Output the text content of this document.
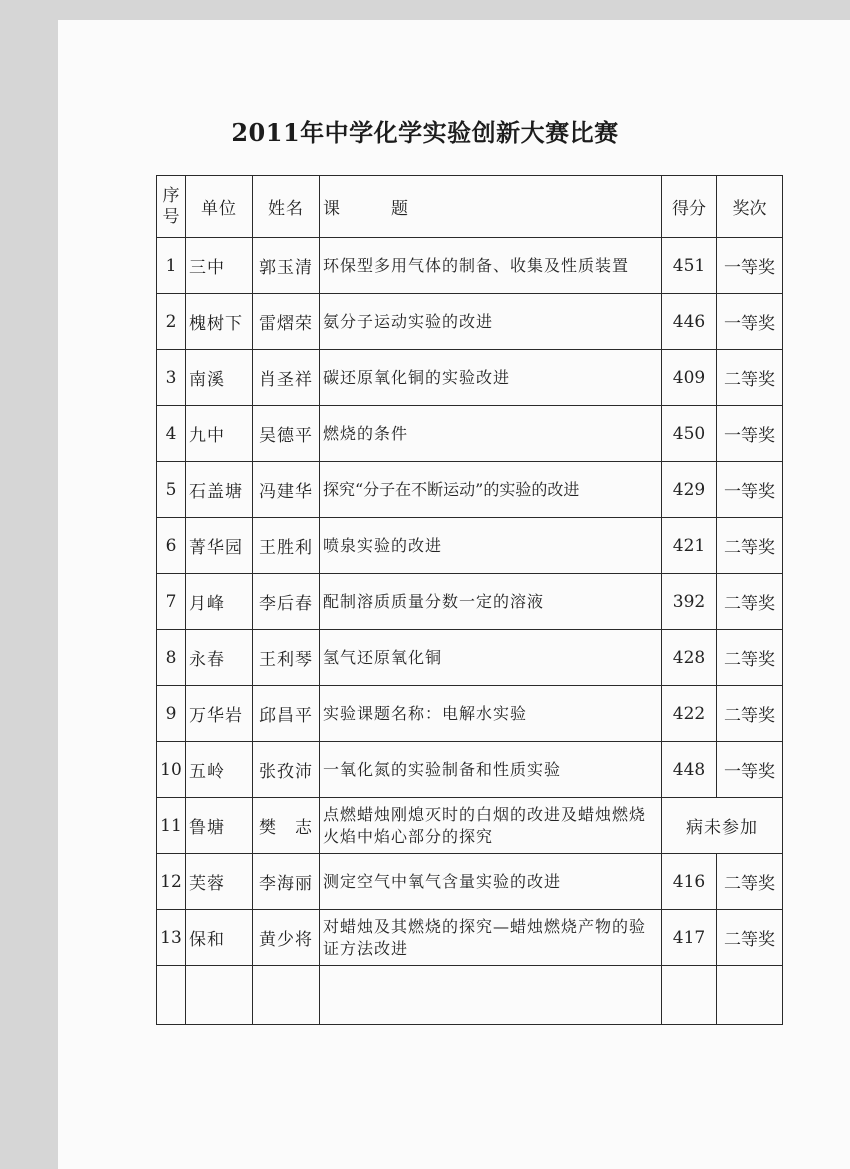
2011年中学化学实验创新大赛比赛
序
号	单位	姓名	课 题	得分	奖次
1	三中	郭玉清	环保型多用气体的制备、收集及性质装置	451	一等奖
2	槐树下	雷熠荣	氨分子运动实验的改进	446	一等奖
3	南溪	肖圣祥	碳还原氧化铜的实验改进	409	二等奖
4	九中	吴德平	燃烧的条件	450	一等奖
5	石盖塘	冯建华	探究“分子在不断运动”的实验的改进	429	一等奖
6	菁华园	王胜利	喷泉实验的改进	421	二等奖
7	月峰	李后春	配制溶质质量分数一定的溶液	392	二等奖
8	永春	王利琴	氢气还原氧化铜	428	二等奖
9	万华岩	邱昌平	实验课题名称：电解水实验	422	二等奖
10	五岭	张孜沛	一氧化氮的实验制备和性质实验	448	一等奖
11	鲁塘	樊　志	点燃蜡烛刚熄灭时的白烟的改进及蜡烛燃烧火焰中焰心部分的探究	病未参加	
12	芙蓉	李海丽	测定空气中氧气含量实验的改进	416	二等奖
13	保和	黄少将	对蜡烛及其燃烧的探究—蜡烛燃烧产物的验证方法改进	417	二等奖
